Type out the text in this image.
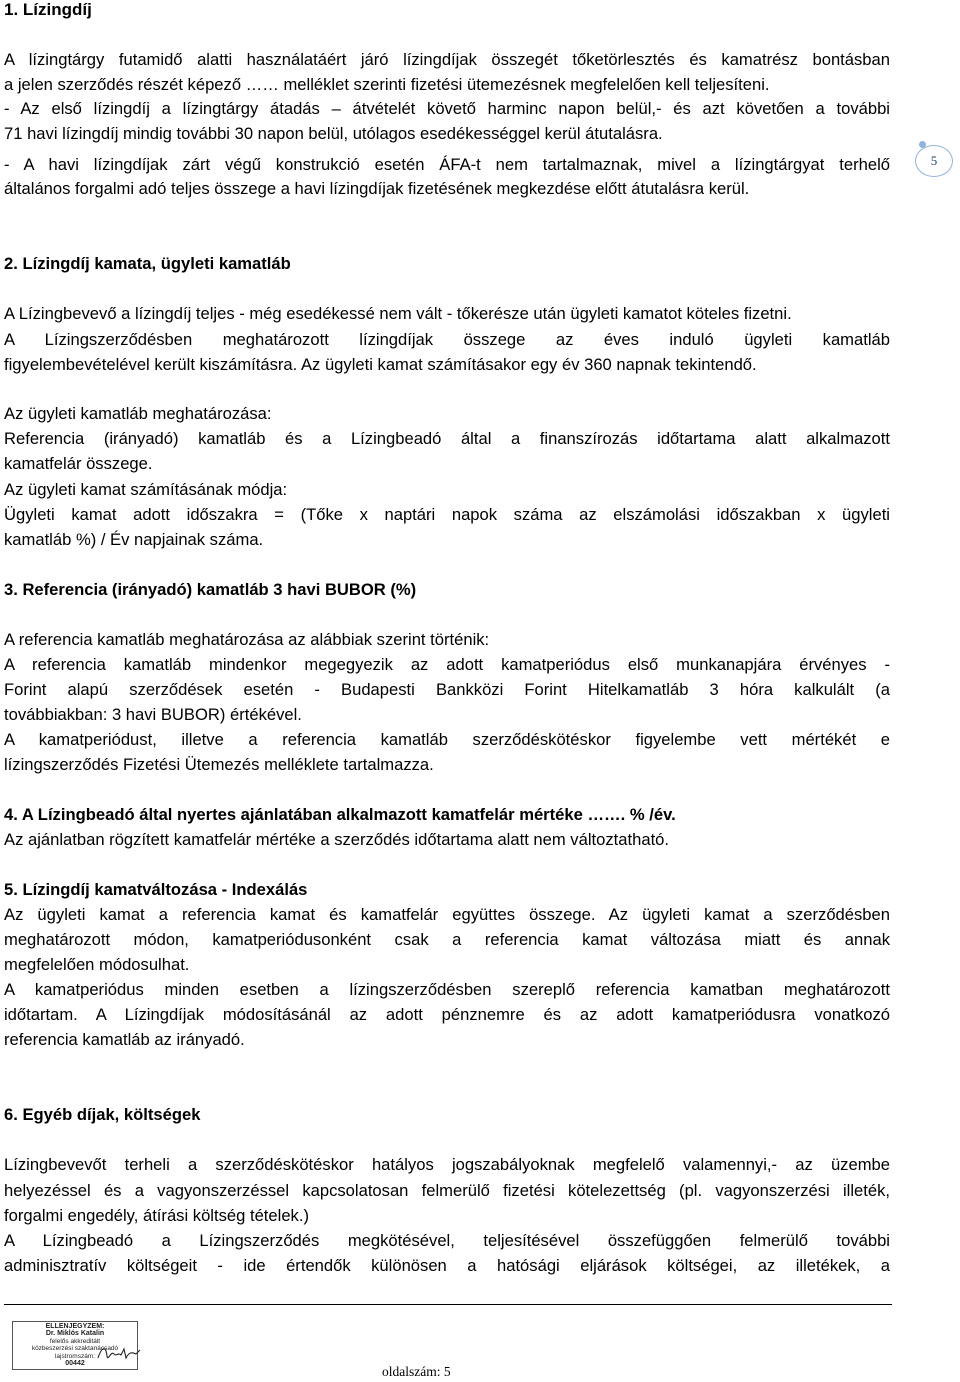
1. Lízingdíj
A lízingtárgy futamidő alatti használatáért járó lízingdíjak összegét tőketörlesztés és kamatrész bontásban
a jelen szerződés részét képező …… melléklet szerinti fizetési ütemezésnek megfelelően kell teljesíteni.
- Az első lízingdíj a lízingtárgy átadás – átvételét követő harminc napon belül,- és azt követően a további
71 havi lízingdíj mindig további 30 napon belül, utólagos esedékességgel kerül átutalásra.
- A havi lízingdíjak zárt végű konstrukció esetén ÁFA-t nem tartalmaznak, mivel a lízingtárgyat terhelő
általános forgalmi adó teljes összege a havi lízingdíjak fizetésének megkezdése előtt átutalásra kerül.
2. Lízingdíj kamata, ügyleti kamatláb
A Lízingbevevő a lízingdíj teljes - még esedékessé nem vált - tőkerésze után ügyleti kamatot köteles fizetni.
A Lízingszerződésben meghatározott lízingdíjak összege az éves induló ügyleti kamatláb
figyelembevételével került kiszámításra. Az ügyleti kamat számításakor egy év 360 napnak tekintendő.
Az ügyleti kamatláb meghatározása:
Referencia (irányadó) kamatláb és a Lízingbeadó által a finanszírozás időtartama alatt alkalmazott
kamatfelár összege.
Az ügyleti kamat számításának módja:
Ügyleti kamat adott időszakra = (Tőke x naptári napok száma az elszámolási időszakban x ügyleti
kamatláb %) / Év napjainak száma.
3. Referencia (irányadó) kamatláb 3 havi BUBOR (%)
A referencia kamatláb meghatározása az alábbiak szerint történik:
A referencia kamatláb mindenkor megegyezik az adott kamatperiódus első munkanapjára érvényes -
Forint alapú szerződések esetén - Budapesti Bankközi Forint Hitelkamatláb 3 hóra kalkulált (a
továbbiakban: 3 havi BUBOR) értékével.
A kamatperiódust, illetve a referencia kamatláb szerződéskötéskor figyelembe vett mértékét e
lízingszerződés Fizetési Ütemezés melléklete tartalmazza.
4. A Lízingbeadó által nyertes ajánlatában alkalmazott kamatfelár mértéke ……. % /év.
Az ajánlatban rögzített kamatfelár mértéke a szerződés időtartama alatt nem változtatható.
5. Lízingdíj kamatváltozása - Indexálás
Az ügyleti kamat a referencia kamat és kamatfelár együttes összege. Az ügyleti kamat a szerződésben
meghatározott módon, kamatperiódusonként csak a referencia kamat változása miatt és annak
megfelelően módosulhat.
A kamatperiódus minden esetben a lízingszerződésben szereplő referencia kamatban meghatározott
időtartam. A Lízingdíjak módosításánál az adott pénznemre és az adott kamatperiódusra vonatkozó
referencia kamatláb az irányadó.
6. Egyéb díjak, költségek
Lízingbevevőt terheli a szerződéskötéskor hatályos jogszabályoknak megfelelő valamennyi,- az üzembe
helyezéssel és a vagyonszerzéssel kapcsolatosan felmerülő fizetési kötelezettség (pl. vagyonszerzési illeték,
forgalmi engedély, átírási költség tételek.)
A Lízingbeadó a Lízingszerződés megkötésével, teljesítésével összefüggően felmerülő további
adminisztratív költségeit - ide értendők különösen a hatósági eljárások költségei, az illetékek, a
5
ELLENJEGYZEM:
Dr. Miklós Katalin
felelős akkreditált
közbeszerzési szaktanácsadó
lajstromszám:
00442
oldalszám: 5
